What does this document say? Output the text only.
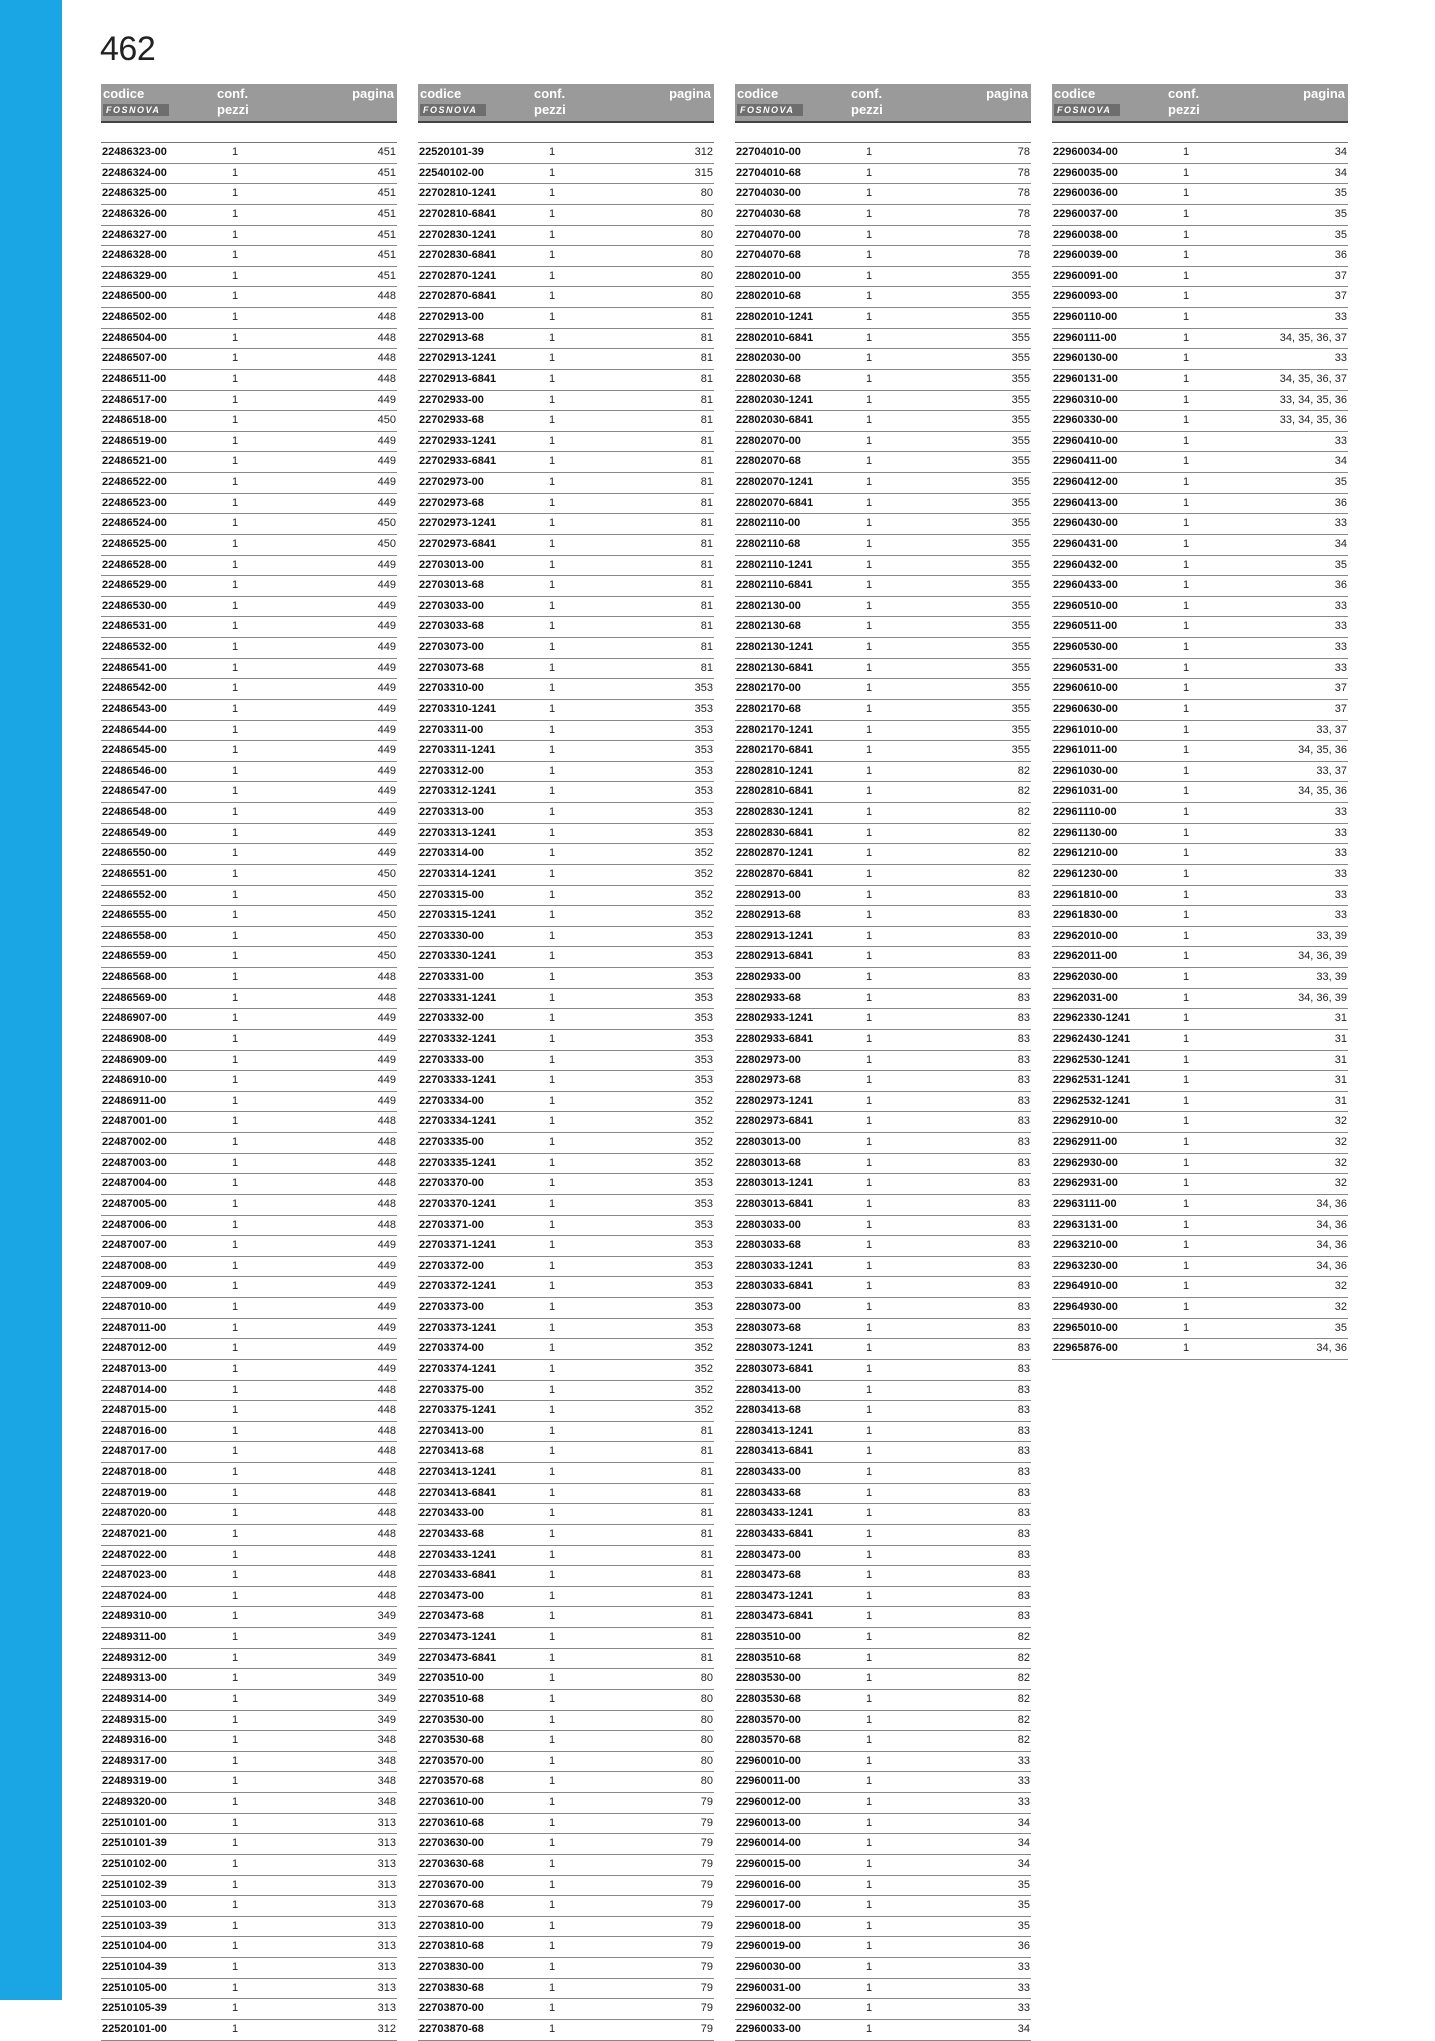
462
codice	conf.
pezzi
pagina
FOSNOVA
22486323-00	1	451
22486324-00	1	451
22486325-00	1	451
22486326-00	1	451
22486327-00	1	451
22486328-00	1	451
22486329-00	1	451
22486500-00	1	448
22486502-00	1	448
22486504-00	1	448
22486507-00	1	448
22486511-00	1	448
22486517-00	1	449
22486518-00	1	450
22486519-00	1	449
22486521-00	1	449
22486522-00	1	449
22486523-00	1	449
22486524-00	1	450
22486525-00	1	450
22486528-00	1	449
22486529-00	1	449
22486530-00	1	449
22486531-00	1	449
22486532-00	1	449
22486541-00	1	449
22486542-00	1	449
22486543-00	1	449
22486544-00	1	449
22486545-00	1	449
22486546-00	1	449
22486547-00	1	449
22486548-00	1	449
22486549-00	1	449
22486550-00	1	449
22486551-00	1	450
22486552-00	1	450
22486555-00	1	450
22486558-00	1	450
22486559-00	1	450
22486568-00	1	448
22486569-00	1	448
22486907-00	1	449
22486908-00	1	449
22486909-00	1	449
22486910-00	1	449
22486911-00	1	449
22487001-00	1	448
22487002-00	1	448
22487003-00	1	448
22487004-00	1	448
22487005-00	1	448
22487006-00	1	448
22487007-00	1	449
22487008-00	1	449
22487009-00	1	449
22487010-00	1	449
22487011-00	1	449
22487012-00	1	449
22487013-00	1	449
22487014-00	1	448
22487015-00	1	448
22487016-00	1	448
22487017-00	1	448
22487018-00	1	448
22487019-00	1	448
22487020-00	1	448
22487021-00	1	448
22487022-00	1	448
22487023-00	1	448
22487024-00	1	448
22489310-00	1	349
22489311-00	1	349
22489312-00	1	349
22489313-00	1	349
22489314-00	1	349
22489315-00	1	349
22489316-00	1	348
22489317-00	1	348
22489319-00	1	348
22489320-00	1	348
22510101-00	1	313
22510101-39	1	313
22510102-00	1	313
22510102-39	1	313
22510103-00	1	313
22510103-39	1	313
22510104-00	1	313
22510104-39	1	313
22510105-00	1	313
22510105-39	1	313
22520101-00	1	312
codice	conf.
pezzi
pagina
FOSNOVA
22520101-39	1	312
22540102-00	1	315
22702810-1241	1	80
22702810-6841	1	80
22702830-1241	1	80
22702830-6841	1	80
22702870-1241	1	80
22702870-6841	1	80
22702913-00	1	81
22702913-68	1	81
22702913-1241	1	81
22702913-6841	1	81
22702933-00	1	81
22702933-68	1	81
22702933-1241	1	81
22702933-6841	1	81
22702973-00	1	81
22702973-68	1	81
22702973-1241	1	81
22702973-6841	1	81
22703013-00	1	81
22703013-68	1	81
22703033-00	1	81
22703033-68	1	81
22703073-00	1	81
22703073-68	1	81
22703310-00	1	353
22703310-1241	1	353
22703311-00	1	353
22703311-1241	1	353
22703312-00	1	353
22703312-1241	1	353
22703313-00	1	353
22703313-1241	1	353
22703314-00	1	352
22703314-1241	1	352
22703315-00	1	352
22703315-1241	1	352
22703330-00	1	353
22703330-1241	1	353
22703331-00	1	353
22703331-1241	1	353
22703332-00	1	353
22703332-1241	1	353
22703333-00	1	353
22703333-1241	1	353
22703334-00	1	352
22703334-1241	1	352
22703335-00	1	352
22703335-1241	1	352
22703370-00	1	353
22703370-1241	1	353
22703371-00	1	353
22703371-1241	1	353
22703372-00	1	353
22703372-1241	1	353
22703373-00	1	353
22703373-1241	1	353
22703374-00	1	352
22703374-1241	1	352
22703375-00	1	352
22703375-1241	1	352
22703413-00	1	81
22703413-68	1	81
22703413-1241	1	81
22703413-6841	1	81
22703433-00	1	81
22703433-68	1	81
22703433-1241	1	81
22703433-6841	1	81
22703473-00	1	81
22703473-68	1	81
22703473-1241	1	81
22703473-6841	1	81
22703510-00	1	80
22703510-68	1	80
22703530-00	1	80
22703530-68	1	80
22703570-00	1	80
22703570-68	1	80
22703610-00	1	79
22703610-68	1	79
22703630-00	1	79
22703630-68	1	79
22703670-00	1	79
22703670-68	1	79
22703810-00	1	79
22703810-68	1	79
22703830-00	1	79
22703830-68	1	79
22703870-00	1	79
22703870-68	1	79
codice	conf.
pezzi
pagina
FOSNOVA
22704010-00	1	78
22704010-68	1	78
22704030-00	1	78
22704030-68	1	78
22704070-00	1	78
22704070-68	1	78
22802010-00	1	355
22802010-68	1	355
22802010-1241	1	355
22802010-6841	1	355
22802030-00	1	355
22802030-68	1	355
22802030-1241	1	355
22802030-6841	1	355
22802070-00	1	355
22802070-68	1	355
22802070-1241	1	355
22802070-6841	1	355
22802110-00	1	355
22802110-68	1	355
22802110-1241	1	355
22802110-6841	1	355
22802130-00	1	355
22802130-68	1	355
22802130-1241	1	355
22802130-6841	1	355
22802170-00	1	355
22802170-68	1	355
22802170-1241	1	355
22802170-6841	1	355
22802810-1241	1	82
22802810-6841	1	82
22802830-1241	1	82
22802830-6841	1	82
22802870-1241	1	82
22802870-6841	1	82
22802913-00	1	83
22802913-68	1	83
22802913-1241	1	83
22802913-6841	1	83
22802933-00	1	83
22802933-68	1	83
22802933-1241	1	83
22802933-6841	1	83
22802973-00	1	83
22802973-68	1	83
22802973-1241	1	83
22802973-6841	1	83
22803013-00	1	83
22803013-68	1	83
22803013-1241	1	83
22803013-6841	1	83
22803033-00	1	83
22803033-68	1	83
22803033-1241	1	83
22803033-6841	1	83
22803073-00	1	83
22803073-68	1	83
22803073-1241	1	83
22803073-6841	1	83
22803413-00	1	83
22803413-68	1	83
22803413-1241	1	83
22803413-6841	1	83
22803433-00	1	83
22803433-68	1	83
22803433-1241	1	83
22803433-6841	1	83
22803473-00	1	83
22803473-68	1	83
22803473-1241	1	83
22803473-6841	1	83
22803510-00	1	82
22803510-68	1	82
22803530-00	1	82
22803530-68	1	82
22803570-00	1	82
22803570-68	1	82
22960010-00	1	33
22960011-00	1	33
22960012-00	1	33
22960013-00	1	34
22960014-00	1	34
22960015-00	1	34
22960016-00	1	35
22960017-00	1	35
22960018-00	1	35
22960019-00	1	36
22960030-00	1	33
22960031-00	1	33
22960032-00	1	33
22960033-00	1	34
codice	conf.
pezzi
pagina
FOSNOVA
22960034-00	1	34
22960035-00	1	34
22960036-00	1	35
22960037-00	1	35
22960038-00	1	35
22960039-00	1	36
22960091-00	1	37
22960093-00	1	37
22960110-00	1	33
22960111-00	1	34, 35, 36, 37
22960130-00	1	33
22960131-00	1	34, 35, 36, 37
22960310-00	1	33, 34, 35, 36
22960330-00	1	33, 34, 35, 36
22960410-00	1	33
22960411-00	1	34
22960412-00	1	35
22960413-00	1	36
22960430-00	1	33
22960431-00	1	34
22960432-00	1	35
22960433-00	1	36
22960510-00	1	33
22960511-00	1	33
22960530-00	1	33
22960531-00	1	33
22960610-00	1	37
22960630-00	1	37
22961010-00	1	33, 37
22961011-00	1	34, 35, 36
22961030-00	1	33, 37
22961031-00	1	34, 35, 36
22961110-00	1	33
22961130-00	1	33
22961210-00	1	33
22961230-00	1	33
22961810-00	1	33
22961830-00	1	33
22962010-00	1	33, 39
22962011-00	1	34, 36, 39
22962030-00	1	33, 39
22962031-00	1	34, 36, 39
22962330-1241	1	31
22962430-1241	1	31
22962530-1241	1	31
22962531-1241	1	31
22962532-1241	1	31
22962910-00	1	32
22962911-00	1	32
22962930-00	1	32
22962931-00	1	32
22963111-00	1	34, 36
22963131-00	1	34, 36
22963210-00	1	34, 36
22963230-00	1	34, 36
22964910-00	1	32
22964930-00	1	32
22965010-00	1	35
22965876-00	1	34, 36
